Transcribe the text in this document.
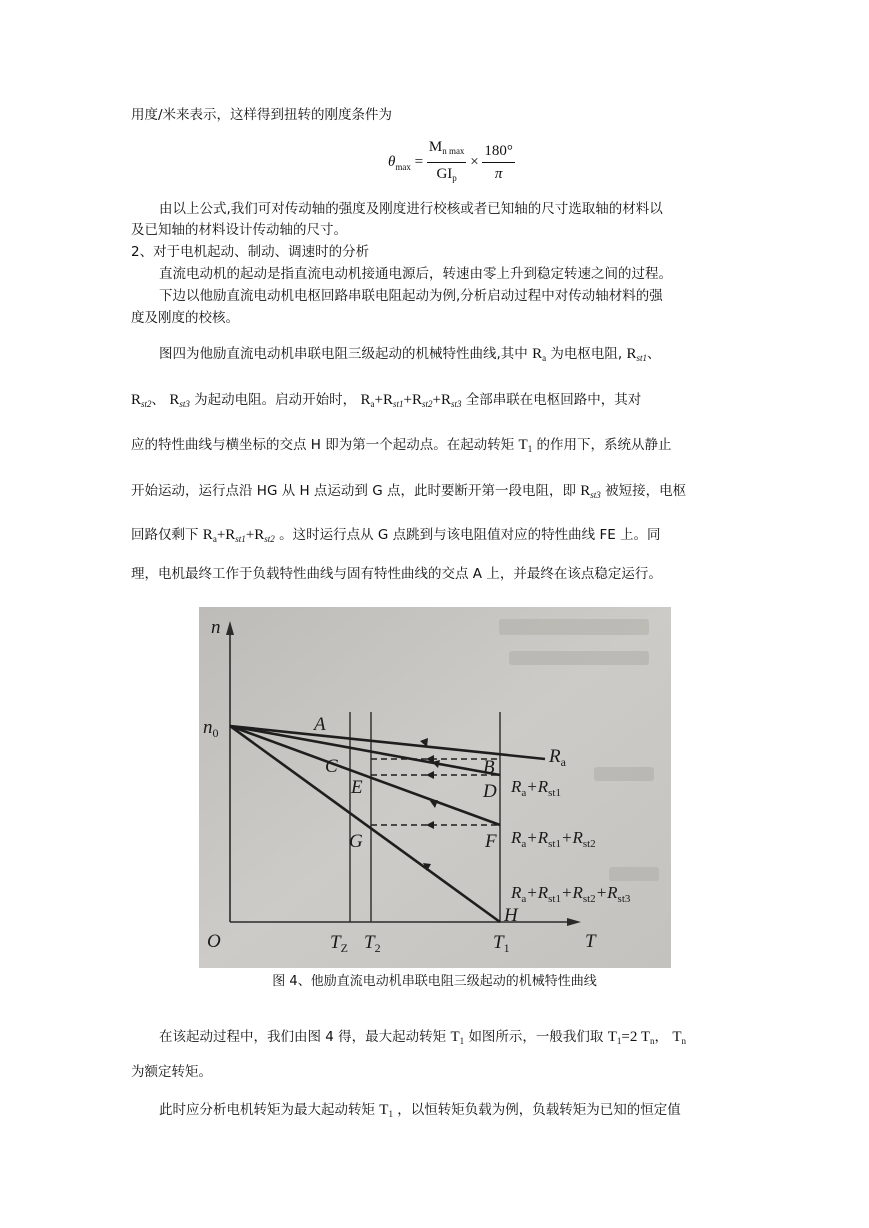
用度/米来表示，这样得到扭转的刚度条件为
$\theta_{max} = \frac{M_{n max}}{GI_p} \times \frac{180^\circ}{\pi}$
由以上公式,我们可对传动轴的强度及刚度进行校核或者已知轴的尺寸选取轴的材料以
及已知轴的材料设计传动轴的尺寸。
2、对于电机起动、制动、调速时的分析
直流电动机的起动是指直流电动机接通电源后，转速由零上升到稳定转速之间的过程。
下边以他励直流电动机电枢回路串联电阻起动为例,分析启动过程中对传动轴材料的强
度及刚度的校核。
图四为他励直流电动机串联电阻三级起动的机械特性曲线,其中 $R_a$ 为电枢电阻, $R_{st1}$、
$R_{st2}$、 $R_{st3}$ 为起动电阻。启动开始时， $R_a+R_{st1}+R_{st2}+R_{st3}$ 全部串联在电枢回路中，其对
应的特性曲线与横坐标的交点 H 即为第一个起动点。在起动转矩 $T_1$ 的作用下，系统从静止
开始运动，运行点沿 HG 从 H 点运动到 G 点，此时要断开第一段电阻，即 $R_{st3}$ 被短接，电枢
回路仅剩下 $R_a+R_{st1}+R_{st2}$ 。这时运行点从 G 点跳到与该电阻值对应的特性曲线 FE 上。同
理，电机最终工作于负载特性曲线与固有特性曲线的交点 A 上，并最终在该点稳定运行。
n
T
O
$n_0$	A
C
E
G
B
D
F
H
$T_Z$ $T_2$	$T_1$
$R_a$
$R_a+R_{st1}$
$R_a+R_{st1}+R_{st2}$
$R_a+R_{st1}+R_{st2}+R_{st3}$
图 4、他励直流电动机串联电阻三级起动的机械特性曲线
在该起动过程中，我们由图 4 得，最大起动转矩 $T_1$ 如图所示，一般我们取 $T_1=2$ $T_n$， $T_n$
为额定转矩。
此时应分析电机转矩为最大起动转矩 $T_1$ ，以恒转矩负载为例，负载转矩为已知的恒定值
